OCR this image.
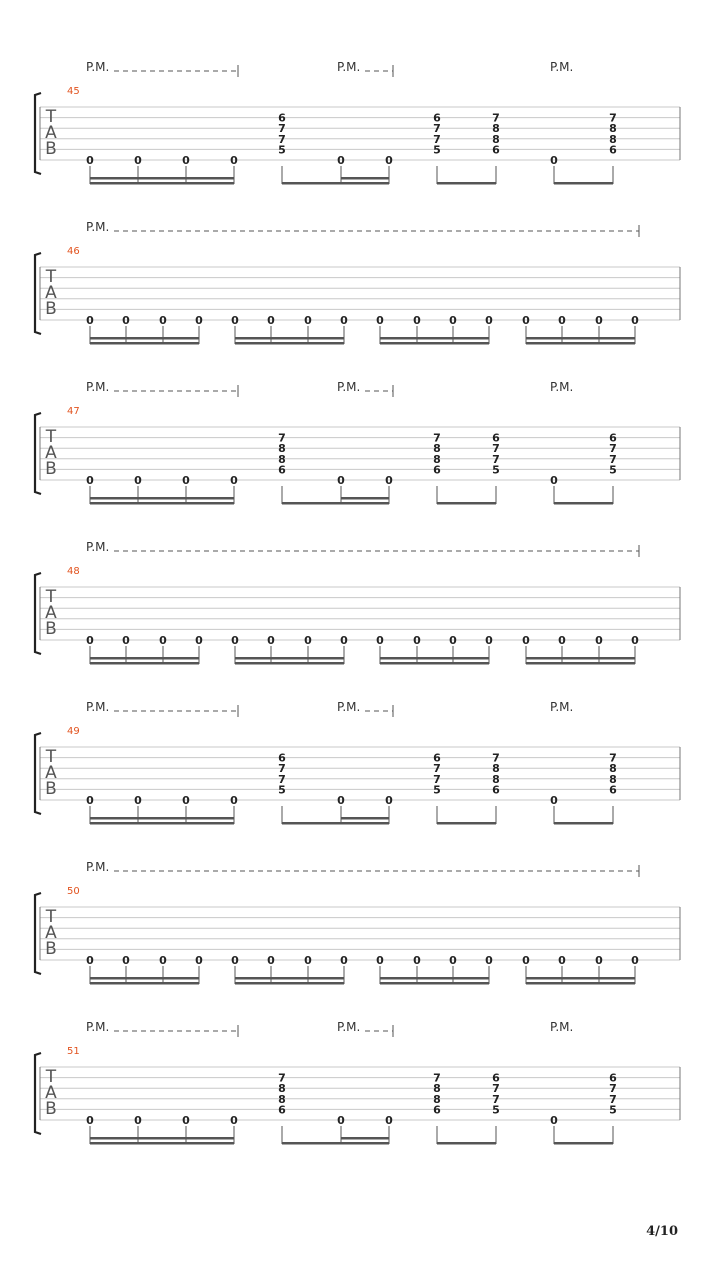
T
A
B
45
P.M.	P.M.	P.M.
0	0	0	0
6
7
7
5
0	0
6
7
7
5
7
8
8
6
0
7
8
8
6
T
A
B
46
P.M.
0	0	0	0	0	0	0	0	0	0	0	0	0	0	0	0
T
A
B
47
P.M.	P.M.	P.M.
0	0	0	0
7
8
8
6
0	0
7
8
8
6
6
7
7
5
0
6
7
7
5
T
A
B
48
P.M.
0	0	0	0	0	0	0	0	0	0	0	0	0	0	0	0
T
A
B
49
P.M.	P.M.	P.M.
0	0	0	0
6
7
7
5
0	0
6
7
7
5
7
8
8
6
0
7
8
8
6
T
A
B
50
P.M.
0	0	0	0	0	0	0	0	0	0	0	0	0	0	0	0
T
A
B
51
P.M.	P.M.	P.M.
0	0	0	0
7
8
8
6
0	0
7
8
8
6
6
7
7
5
0
6
7
7
5
4/10
